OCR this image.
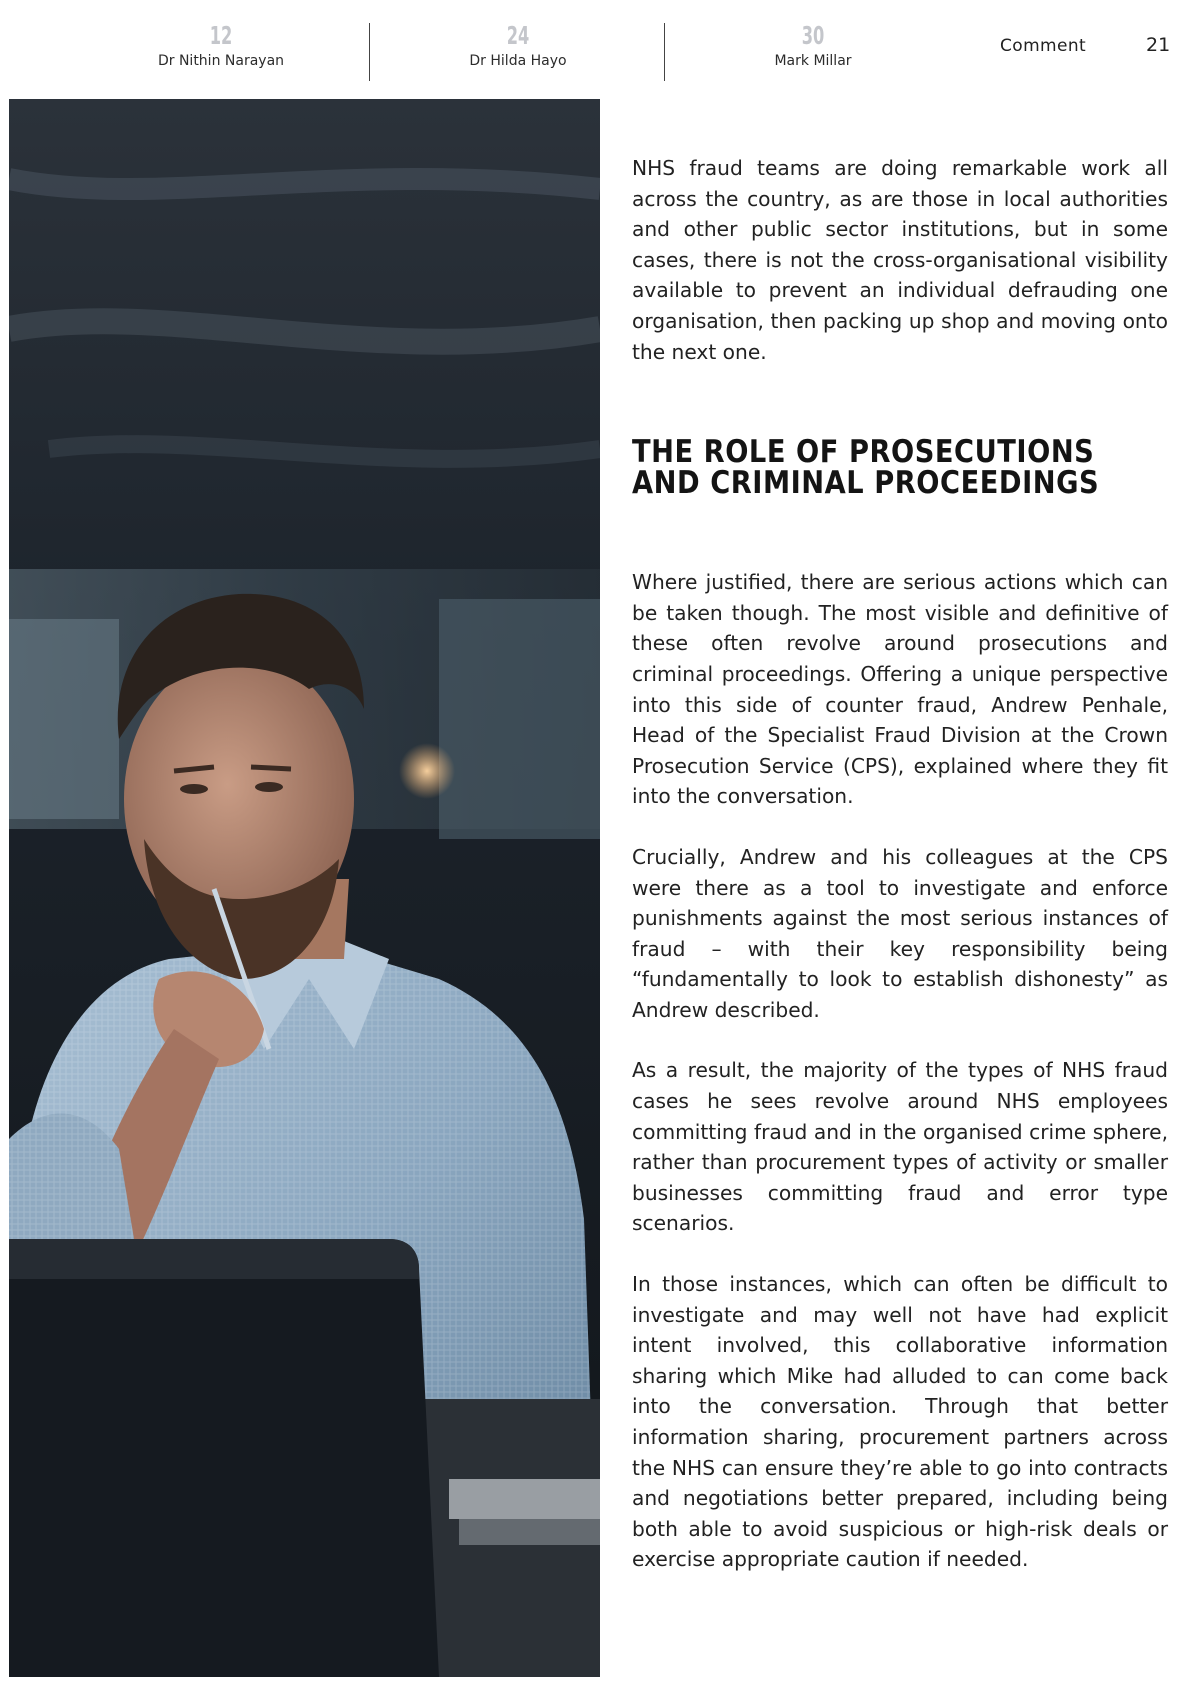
12
Dr Nithin Narayan
24
Dr Hilda Hayo
30
Mark Millar
Comment	21

NHS fraud teams are doing remarkable work all across the country, as are those in local authorities and other public sector institutions, but in some cases, there is not the cross-organisational visibility available to prevent an individual defrauding one organisation, then packing up shop and moving onto the next one.

THE ROLE OF PROSECUTIONS AND CRIMINAL PROCEEDINGS

Where justified, there are serious actions which can be taken though. The most visible and definitive of these often revolve around prosecutions and criminal proceedings. Offering a unique perspective into this side of counter fraud, Andrew Penhale, Head of the Specialist Fraud Division at the Crown Prosecution Service (CPS), explained where they fit into the conversation.

Crucially, Andrew and his colleagues at the CPS were there as a tool to investigate and enforce punishments against the most serious instances of fraud – with their key responsibility being “fundamentally to look to establish dishonesty” as Andrew described.

As a result, the majority of the types of NHS fraud cases he sees revolve around NHS employees committing fraud and in the organised crime sphere, rather than procurement types of activity or smaller businesses committing fraud and error type scenarios.

In those instances, which can often be difficult to investigate and may well not have had explicit intent involved, this collaborative information sharing which Mike had alluded to can come back into the conversation. Through that better information sharing, procurement partners across the NHS can ensure they’re able to go into contracts and negotiations better prepared, including being both able to avoid suspicious or high-risk deals or exercise appropriate caution if needed.
